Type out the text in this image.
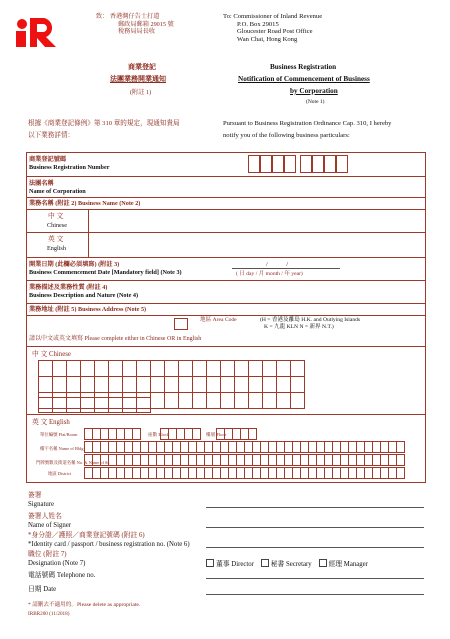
致： 香港灣仔告士打道
郵政局郵箱 29015 號
稅務局局長收
To: Commissioner of Inland Revenue
P.O. Box 29015
Gloucester Road Post Office
Wan Chai, Hong Kong
商業登記
法團業務開業通知
(附註 1)
Business Registration
Notification of Commencement of Business
by Corporation
(Note 1)
根據《商業登記條例》第 310 章的規定，現通知貴局
以下業務詳情：
Pursuant to Business Registration Ordinance Cap. 310, I hereby
notify you of the following business particulars:
商業登記號碼
Business Registration Number
法團名稱
Name of Corporation
業務名稱 (附註 2) Business Name (Note 2)
中 文
Chinese
英 文
English
開業日期 (此欄必須填寫) (附註 3)
Business Commencement Date [Mandatory field] (Note 3)
/            /
( 日 day / 月 month / 年 year)
業務描述及業務性質 (附註 4)
Business Description and Nature (Note 4)
業務地址 (附註 5) Business Address (Note 5)
地區 Area Code	(H = 香港及離島 H.K. and Outlying Islands
K = 九龍 KLN N = 新界 N.T.)
請以中文或英文填寫 Please complete either in Chinese OR in English
中 文 Chinese
英 文 English
座數 Block	樓層 Floor
單位編號 Flat/Room
樓宇名稱 Name of Bldg
門牌號數及街道名稱 No. & Name of St.
地區 District
簽署
Signature
簽署人姓名
Name of Signer
*身分證／護照／商業登記號碼 (附註 6)
*Identity card / passport / business registration no. (Note 6)
職位 (附註 7)
Designation (Note 7)	董事 Director 秘書 Secretary 經理 Manager
電話號碼 Telephone no.
日期 Date
* 請刪去不適用的。Please delete as appropriate.
IRBR200 (11/2018)
